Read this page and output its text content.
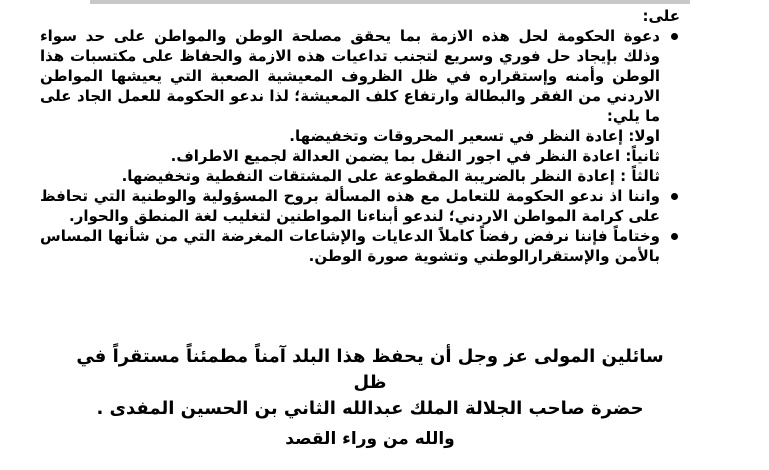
على:
دعوة الحكومة لحل هذه الازمة بما يحقق مصلحة الوطن والمواطن على حد سواء وذلك بإيجاد حل فوري وسريع لتجنب تداعيات هذه الازمة والحفاظ على مكتسبات هذا الوطن وأمنه وإستقراره في ظل الظروف المعيشية الصعبة التي يعيشها المواطن الاردني من الفقر والبطالة وارتفاع كلف المعيشة؛ لذا ندعو الحكومة للعمل الجاد على ما يلي:

اولا: إعادة النظر في تسعير المحروقات وتخفيضها.

ثانياً: اعادة النظر في اجور النقل بما يضمن العدالة لجميع الاطراف.

ثالثاً : إعادة النظر بالضريبة المقطوعة على المشتقات النفطية وتخفيضها.

واننا اذ ندعو الحكومة للتعامل مع هذه المسألة بروح المسؤولية والوطنية التي تحافظ على كرامة المواطن الاردني؛ لندعو أبناءنا المواطنين لتغليب لغة المنطق والحوار.
وختاماً فإننا نرفض رفضاً كاملاً الدعايات والإشاعات المغرضة التي من شأنها المساس بالأمن والإستقرارالوطني وتشوية صورة الوطن.
سائلين المولى عز وجل أن يحفظ هذا البلد آمناً مطمئناً مستقراً في ظل
حضرة صاحب الجلالة الملك عبدالله الثاني بن الحسين المفدى .
والله من وراء القصد
